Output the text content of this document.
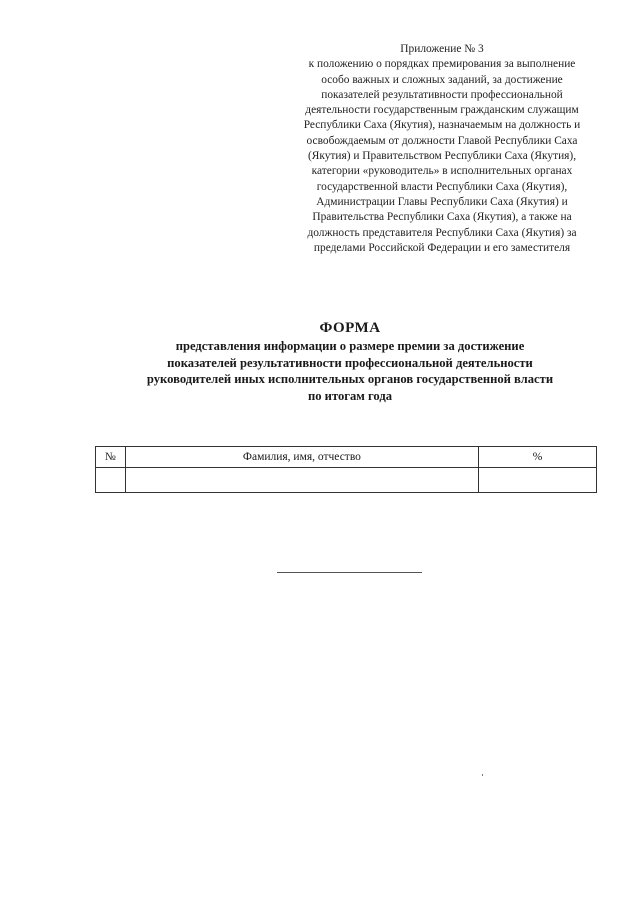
Приложение № 3
к положению о порядках премирования за выполнение
особо важных и сложных заданий, за достижение
показателей результативности профессиональной
деятельности государственным гражданским служащим
Республики Саха (Якутия), назначаемым на должность и
освобождаемым от должности Главой Республики Саха
(Якутия) и Правительством Республики Саха (Якутия),
категории «руководитель» в исполнительных органах
государственной власти Республики Саха (Якутия),
Администрации Главы Республики Саха (Якутия) и
Правительства Республики Саха (Якутия), а также на
должность представителя Республики Саха (Якутия) за
пределами Российской Федерации и его заместителя
ФОРМА
представления информации о размере премии за достижение
показателей результативности профессиональной деятельности
руководителей иных исполнительных органов государственной власти
по итогам года
№	Фамилия, имя, отчество	%
